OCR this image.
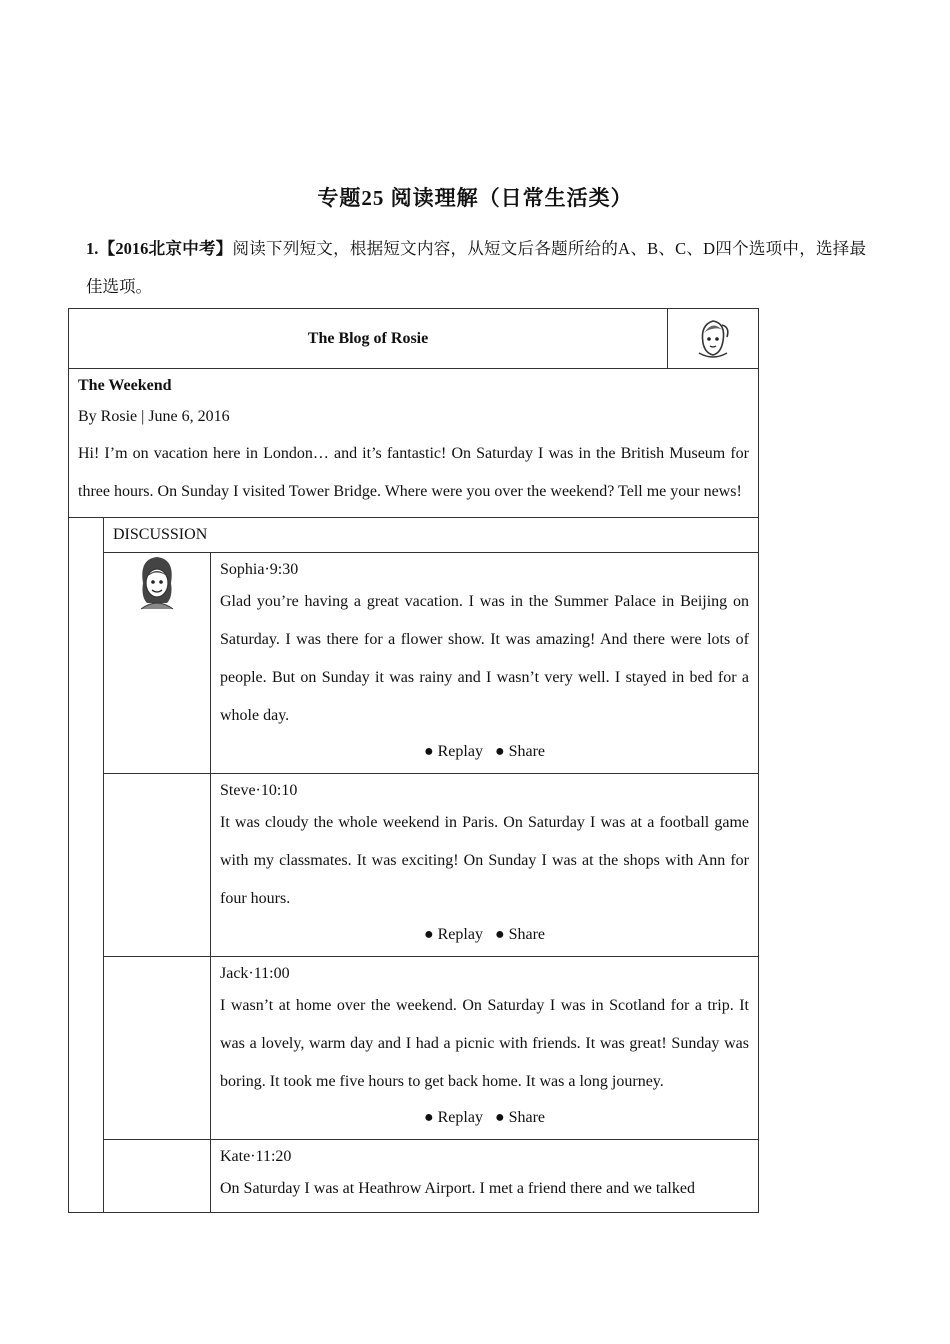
专题25 阅读理解（日常生活类）
1.【2016北京中考】阅读下列短文，根据短文内容，从短文后各题所给的A、B、C、D四个选项中，选择最佳选项。
The Blog of Rosie	

The Weekend
By Rosie | June 6, 2016
Hi! I’m on vacation here in London… and it’s fantastic! On Saturday I was in the British Museum for three hours. On Sunday I visited Tower Bridge. Where were you over the weekend? Tell me your news!			

	DISCUSSION		

Sophia·9:30
Glad you’re having a great vacation. I was in the Summer Palace in Beijing on Saturday. I was there for a flower show. It was amazing! And there were lots of people. But on Sunday it was rainy and I wasn’t very well. I stayed in bed for a whole day.
● Replay ● Share	

		Steve·10:10
It was cloudy the whole weekend in Paris. On Saturday I was at a football game with my classmates. It was exciting! On Sunday I was at the shops with Ann for four hours.
● Replay ● Share	

		Jack·11:00
I wasn’t at home over the weekend. On Saturday I was in Scotland for a trip. It was a lovely, warm day and I had a picnic with friends. It was great! Sunday was boring. It took me five hours to get back home. It was a long journey.
● Replay ● Share	

		Kate·11:20
On Saturday I was at Heathrow Airport. I met a friend there and we talked	
